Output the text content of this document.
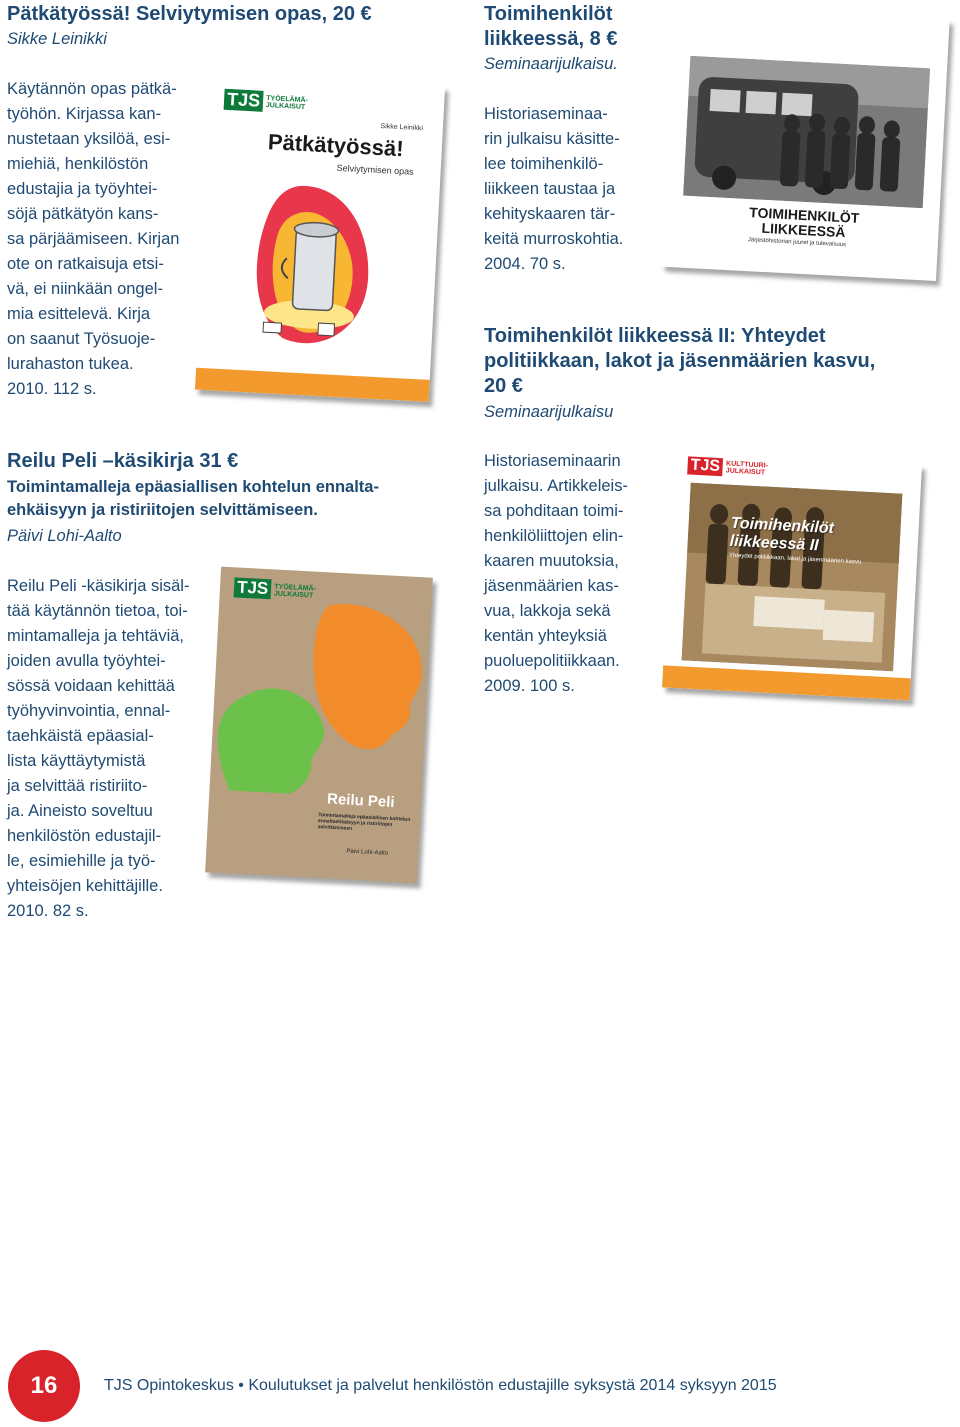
Pätkätyössä! Selviytymisen opas, 20 €

Sikke Leinikki

Käytännön opas pätkä-
työhön. Kirjassa kan-
nustetaan yksilöä, esi-
miehiä, henkilöstön
edustajia ja työyhtei-
söjä pätkätyön kans-
sa pärjäämiseen. Kirjan
ote on ratkaisuja etsi-
vä, ei niinkään ongel-
mia esittelevä. Kirja
on saanut Työsuoje-
lurahaston tukea.
2010. 112 s.

TJS TYÖELÄMÄ-
JULKAISUT
Sikke Leinikki
Pätkätyössä!
Selviytymisen opas
Reilu Peli –käsikirja 31 €

Toimintamalleja epäasiallisen kohtelun ennalta-
ehkäisyyn ja ristiriitojen selvittämiseen.

Päivi Lohi-Aalto

Reilu Peli -käsikirja sisäl-
tää käytännön tietoa, toi-
mintamalleja ja tehtäviä,
joiden avulla työyhtei-
sössä voidaan kehittää
työhyvinvointia, ennal-
taehkäistä epäasial-
lista käyttäytymistä
ja selvittää ristiriito-
ja. Aineisto soveltuu
henkilöstön edustajil-
le, esimiehille ja työ-
yhteisöjen kehittäjille.
2010. 82 s.

TJS TYÖELÄMÄ-
JULKAISUT
Reilu Peli
Toimintamalleja epäasiallisen kohtelun
ennaltaehkäisyyn ja ristiriitojen
selvittämiseen
Päivi Lohi-Aalto
Toimihenkilöt
liikkeessä, 8 €

Seminaarijulkaisu.

Historiaseminaa-
rin julkaisu käsitte-
lee toimihenkilö-
liikkeen taustaa ja
kehityskaaren tär-
keitä murroskohtia.
2004. 70 s.

TOIMIHENKILÖT
LIIKKEESSÄ
Järjestöhistorian juuret ja tulevaisuus
Toimihenkilöt liikkeessä II: Yhteydet
politiikkaan, lakot ja jäsenmäärien kasvu,
20 €

Seminaarijulkaisu

Historiaseminaarin
julkaisu. Artikkeleis-
sa pohditaan toimi-
henkilöliittojen elin-
kaaren muutoksia,
jäsenmäärien kas-
vua, lakkoja sekä
kentän yhteyksiä
puoluepolitiikkaan.
2009. 100 s.

TJS KULTTUURI-
JULKAISUT
Toimihenkilöt
liikkeessä II
Yhteydet politiikkaan, lakot ja jäsenmäärien kasvu
16	TJS Opintokeskus • Koulutukset ja palvelut henkilöstön edustajille syksystä 2014 syksyyn 2015
